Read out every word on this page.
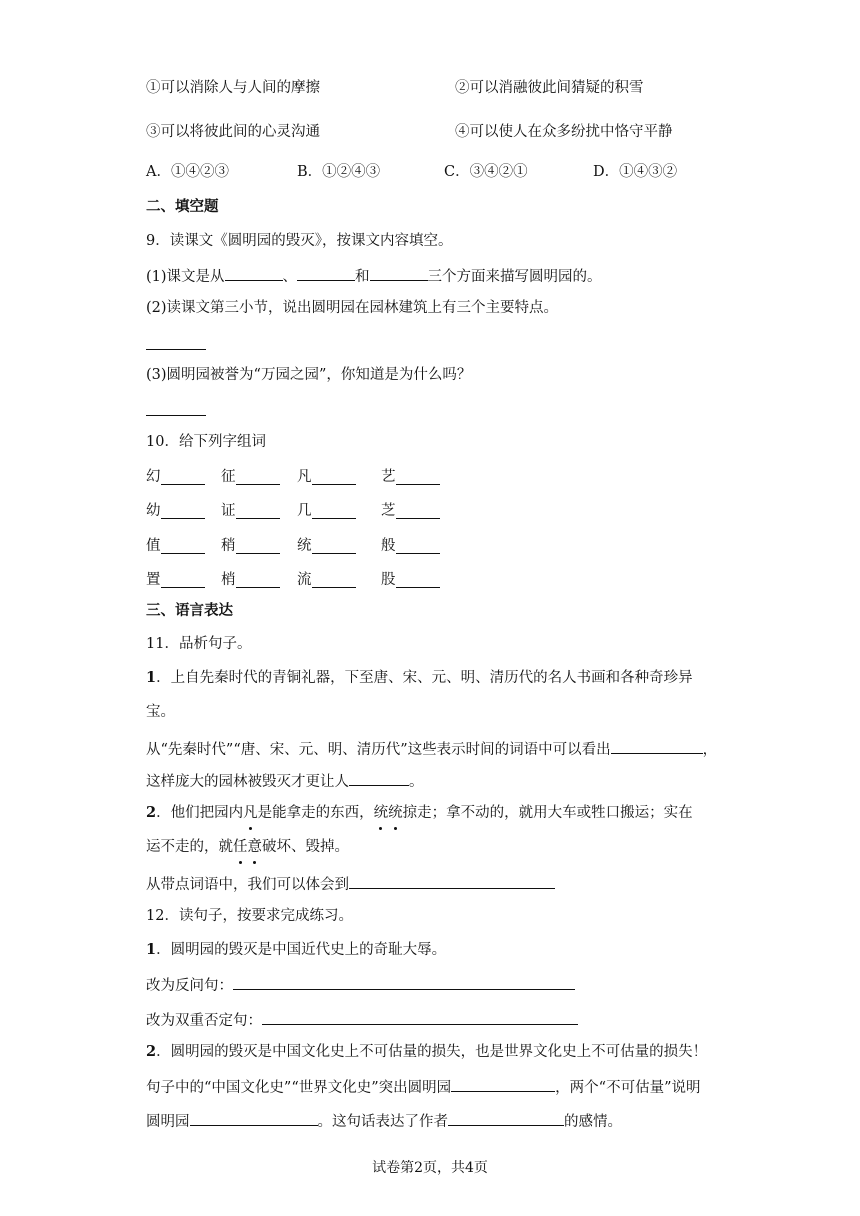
①可以消除人与人间的摩擦	②可以消融彼此间猜疑的积雪
③可以将彼此间的心灵沟通	④可以使人在众多纷扰中恪守平静
A．①④②③	B．①②④③	C．③④②①	D．①④③②
二、填空题
9．读课文《圆明园的毁灭》，按课文内容填空。
(1)课文是从	、	和	三个方面来描写圆明园的。
(2)读课文第三小节，说出圆明园在园林建筑上有三个主要特点。
(3)圆明园被誉为“万园之园”，你知道是为什么吗？
10．给下列字组词
幻	征	凡	艺
幼	证	几	芝
值	稍	统	般
置	梢	流	股
三、语言表达
11．品析句子。
1．上自先秦时代的青铜礼器，下至唐、宋、元、明、清历代的名人书画和各种奇珍异
宝。
从“先秦时代”“唐、宋、元、明、清历代”这些表示时间的词语中可以看出	，
这样庞大的园林被毁灭才更让人	。
2．他们把园内凡是能拿走的东西，统统掠走；拿不动的，就用大车或牲口搬运；实在
运不走的，就任意破坏、毁掉。
从带点词语中，我们可以体会到
12．读句子，按要求完成练习。
1．圆明园的毁灭是中国近代史上的奇耻大辱。
改为反问句：
改为双重否定句：
2．圆明园的毁灭是中国文化史上不可估量的损失，也是世界文化史上不可估量的损失！
句子中的“中国文化史”“世界文化史”突出圆明园	，两个“不可估量”说明
圆明园	。这句话表达了作者	的感情。
试卷第2页，共4页
